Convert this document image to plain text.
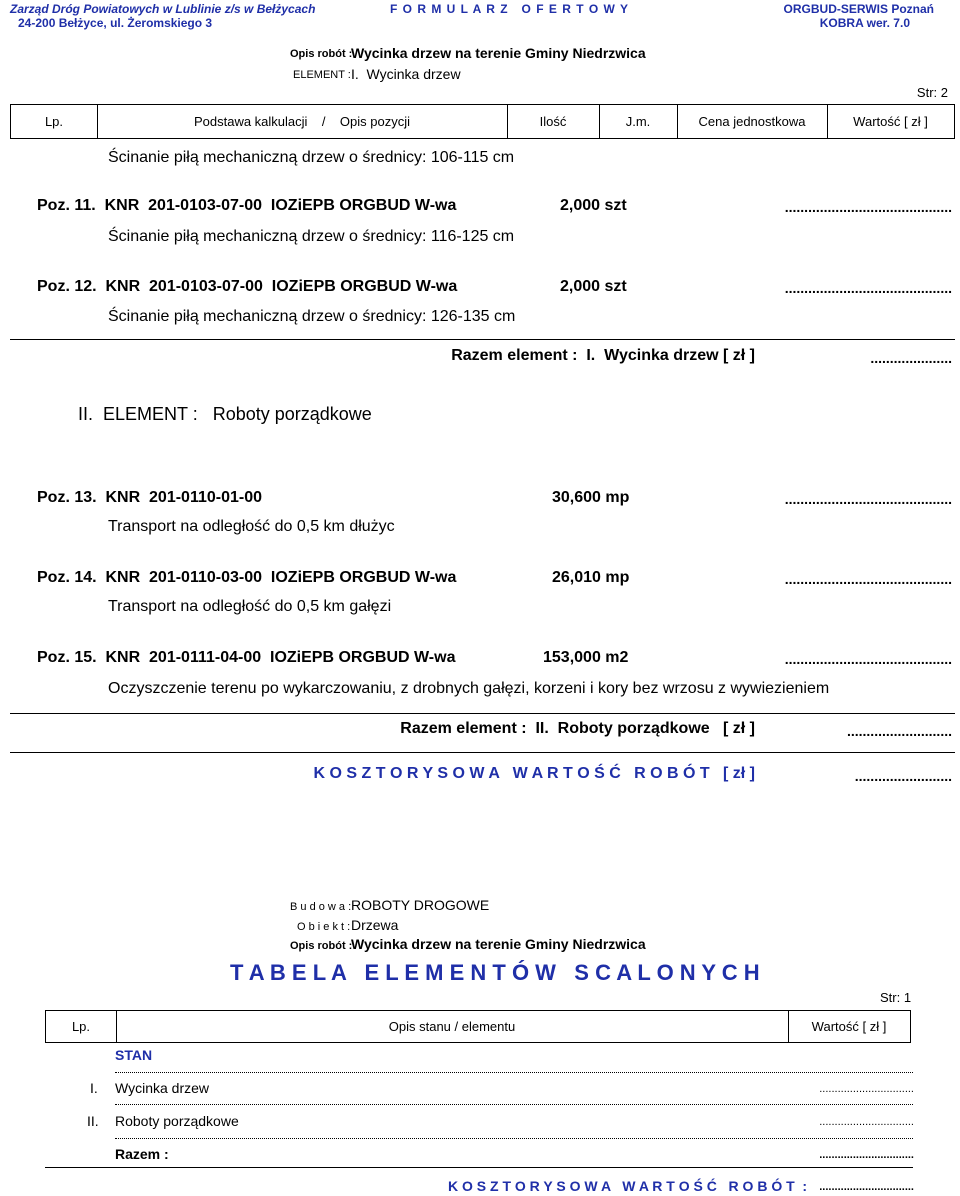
Zarząd Dróg Powiatowych w Lublinie z/s w Bełżycach
24-200 Bełżyce, ul. Żeromskiego 3
F O R M U L A R Z   O F E R T O W Y	ORGBUD-SERWIS Poznań
KOBRA wer. 7.0
Opis robót :
Wycinka drzew na terenie Gminy Niedrzwica
ELEMENT : I.  Wycinka drzew
Str: 2
Lp.	Podstawa kalkulacji    /    Opis pozycji	Ilość	J.m.	Cena jednostkowa	Wartość [ zł ]
Ścinanie piłą mechaniczną drzew o średnicy: 106-115 cm
Poz. 11.  KNR  201-0103-07-00  IOZiEPB ORGBUD W-wa	2,000 szt	...........................................
Ścinanie piłą mechaniczną drzew o średnicy: 116-125 cm
Poz. 12.  KNR  201-0103-07-00  IOZiEPB ORGBUD W-wa	2,000 szt	...........................................
Ścinanie piłą mechaniczną drzew o średnicy: 126-135 cm
Razem element :  I.  Wycinka drzew [ zł ]	.....................
II.  ELEMENT :   Roboty porządkowe
Poz. 13.  KNR  201-0110-01-00	30,600 mp	...........................................
Transport na odległość do 0,5 km dłużyc
Poz. 14.  KNR  201-0110-03-00  IOZiEPB ORGBUD W-wa	26,010 mp	...........................................
Transport na odległość do 0,5 km gałęzi
Poz. 15.  KNR  201-0111-04-00  IOZiEPB ORGBUD W-wa	153,000 m2	...........................................
Oczyszczenie terenu po wykarczowaniu, z drobnych gałęzi, korzeni i kory bez wrzosu z wywiezieniem
Razem element :  II.  Roboty porządkowe   [ zł ]	...........................
K O S Z T O R Y S O W A   W A R T O Ś Ć   R O B Ó T   [ zł ]	.........................
B u d o w a : ROBOTY DROGOWE
O b i e k t : Drzewa
Opis robót :
Wycinka drzew na terenie Gminy Niedrzwica
T A B E L A   E L E M E N T Ó W   S C A L O N Y C H
Str: 1
Lp.	Opis stanu / elementu	Wartość [ zł ]
STAN
I. Wycinka drzew	...............................
II. Roboty porządkowe	...............................
Razem :	...............................
K O S Z T O R Y S O W A   W A R T O Ś Ć   R O B Ó T  : ...............................
